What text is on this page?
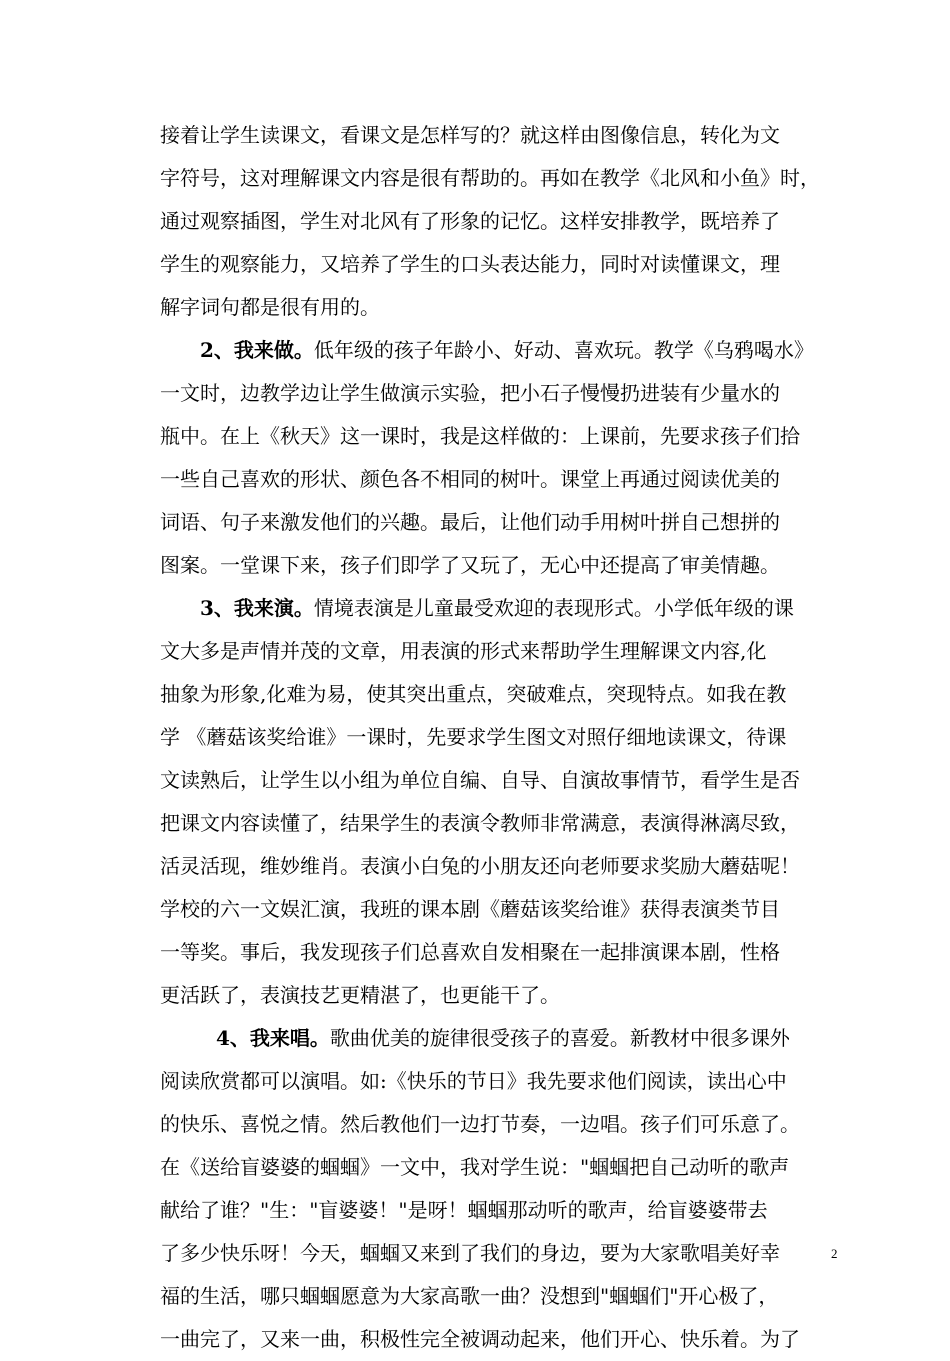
接着让学生读课文，看课文是怎样写的？就这样由图像信息，转化为文
字符号，这对理解课文内容是很有帮助的。再如在教学《北风和小鱼》时，
通过观察插图，学生对北风有了形象的记忆。这样安排教学，既培养了
学生的观察能力，又培养了学生的口头表达能力，同时对读懂课文，理
解字词句都是很有用的。
2、我来做。低年级的孩子年龄小、好动、喜欢玩。教学《乌鸦喝水》
一文时，边教学边让学生做演示实验，把小石子慢慢扔进装有少量水的
瓶中。在上《秋天》这一课时，我是这样做的：上课前，先要求孩子们拾
一些自己喜欢的形状、颜色各不相同的树叶。课堂上再通过阅读优美的
词语、句子来激发他们的兴趣。最后，让他们动手用树叶拼自己想拼的
图案。一堂课下来，孩子们即学了又玩了，无心中还提高了审美情趣。
3、我来演。情境表演是儿童最受欢迎的表现形式。小学低年级的课
文大多是声情并茂的文章，用表演的形式来帮助学生理解课文内容,化
抽象为形象,化难为易，使其突出重点，突破难点，突现特点。如我在教
学 《蘑菇该奖给谁》一课时，先要求学生图文对照仔细地读课文，待课
文读熟后，让学生以小组为单位自编、自导、自演故事情节，看学生是否
把课文内容读懂了，结果学生的表演令教师非常满意，表演得淋漓尽致，
活灵活现，维妙维肖。表演小白兔的小朋友还向老师要求奖励大蘑菇呢！
学校的六一文娱汇演，我班的课本剧《蘑菇该奖给谁》获得表演类节目
一等奖。事后，我发现孩子们总喜欢自发相聚在一起排演课本剧，性格
更活跃了，表演技艺更精湛了，也更能干了。
4、我来唱。歌曲优美的旋律很受孩子的喜爱。新教材中很多课外
阅读欣赏都可以演唱。如:《快乐的节日》我先要求他们阅读，读出心中
的快乐、喜悦之情。然后教他们一边打节奏，一边唱。孩子们可乐意了。
在《送给盲婆婆的蝈蝈》一文中，我对学生说："蝈蝈把自己动听的歌声
献给了谁？"生："盲婆婆！"是呀！蝈蝈那动听的歌声，给盲婆婆带去
了多少快乐呀！今天，蝈蝈又来到了我们的身边，要为大家歌唱美好幸
福的生活，哪只蝈蝈愿意为大家高歌一曲？没想到"蝈蝈们"开心极了，
一曲完了，又来一曲，积极性完全被调动起来，他们开心、快乐着。为了
2
